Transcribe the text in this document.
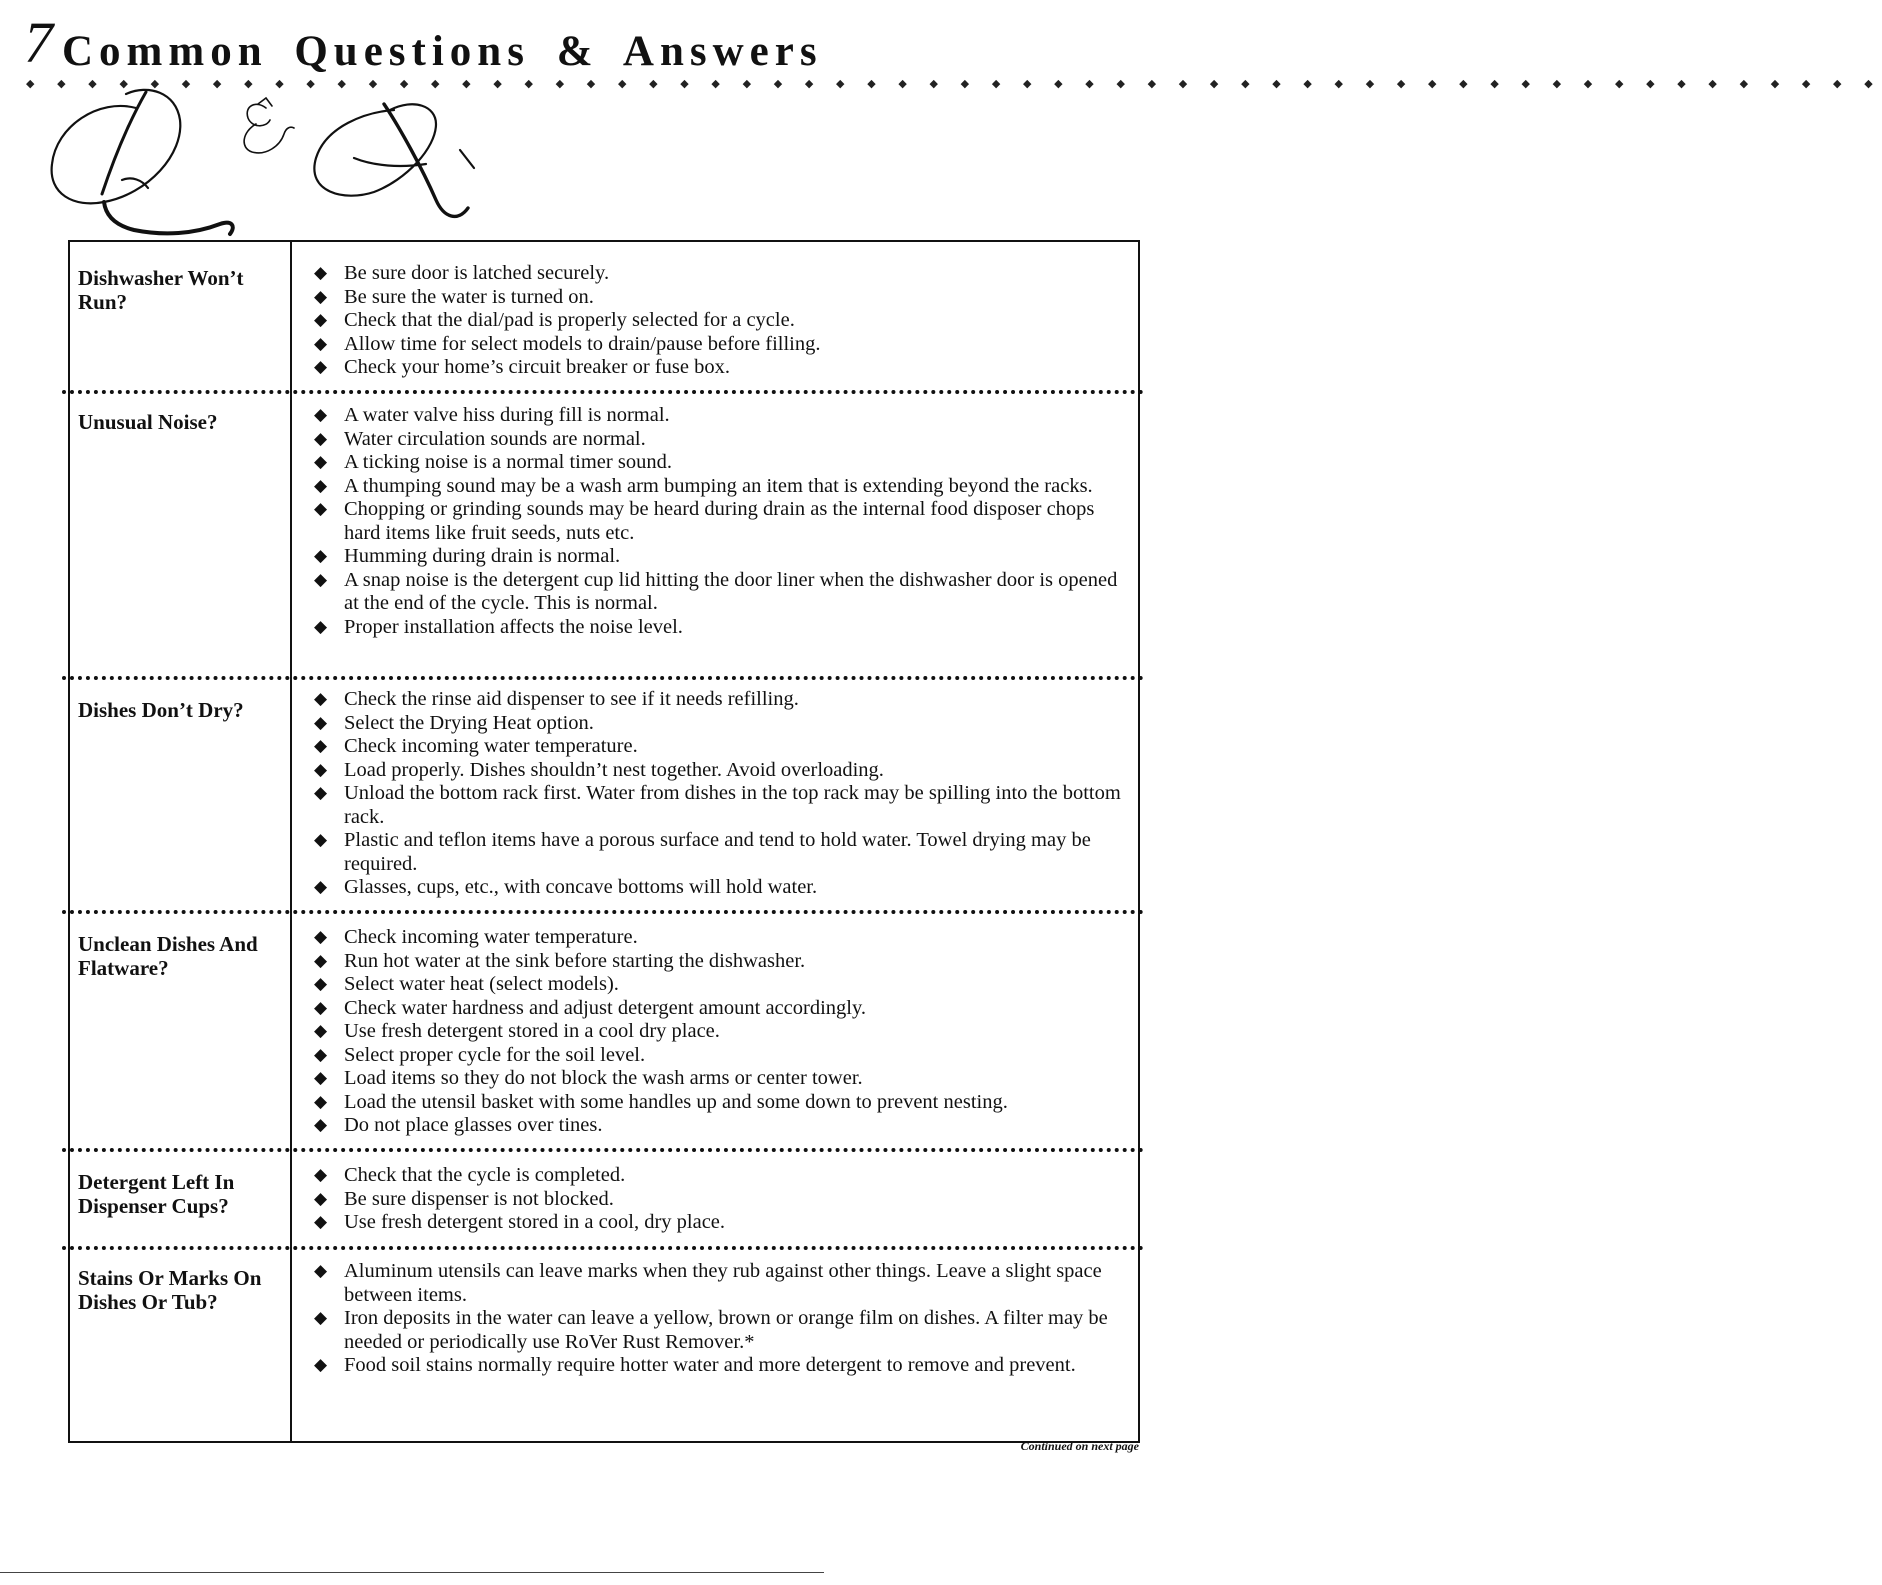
7 Common Questions & Answers
◆ ◆ ◆ ◆ ◆ ◆ ◆ ◆ ◆ ◆ ◆ ◆ ◆ ◆ ◆ ◆ ◆ ◆ ◆ ◆ ◆ ◆ ◆ ◆ ◆ ◆ ◆ ◆ ◆ ◆ ◆ ◆ ◆ ◆ ◆ ◆ ◆ ◆ ◆ ◆ ◆ ◆ ◆ ◆ ◆ ◆ ◆ ◆ ◆ ◆ ◆ ◆ ◆ ◆ ◆ ◆ ◆ ◆ ◆ ◆
Dishwasher Won’t Run?
◆ Be sure door is latched securely.
◆ Be sure the water is turned on.
◆ Check that the dial/pad is properly selected for a cycle.
◆ Allow time for select models to drain/pause before filling.
◆ Check your home’s circuit breaker or fuse box.
Unusual Noise?	◆ A water valve hiss during fill is normal.
◆ Water circulation sounds are normal.
◆ A ticking noise is a normal timer sound.
◆ A thumping sound may be a wash arm bumping an item that is extending beyond the racks.
◆ Chopping or grinding sounds may be heard during drain as the internal food disposer chops hard items like fruit seeds, nuts etc.
◆ Humming during drain is normal.
◆ A snap noise is the detergent cup lid hitting the door liner when the dishwasher door is opened at the end of the cycle. This is normal.
◆ Proper installation affects the noise level.
Dishes Don’t Dry?	◆ Check the rinse aid dispenser to see if it needs refilling.
◆ Select the Drying Heat option.
◆ Check incoming water temperature.
◆ Load properly. Dishes shouldn’t nest together. Avoid overloading.
◆ Unload the bottom rack first. Water from dishes in the top rack may be spilling into the bottom rack.
◆ Plastic and teflon items have a porous surface and tend to hold water. Towel drying may be required.
◆ Glasses, cups, etc., with concave bottoms will hold water.
Unclean Dishes And Flatware?
◆ Check incoming water temperature.
◆ Run hot water at the sink before starting the dishwasher.
◆ Select water heat (select models).
◆ Check water hardness and adjust detergent amount accordingly.
◆ Use fresh detergent stored in a cool dry place.
◆ Select proper cycle for the soil level.
◆ Load items so they do not block the wash arms or center tower.
◆ Load the utensil basket with some handles up and some down to prevent nesting.
◆ Do not place glasses over tines.
Detergent Left In Dispenser Cups?
◆ Check that the cycle is completed.
◆ Be sure dispenser is not blocked.
◆ Use fresh detergent stored in a cool, dry place.
Stains Or Marks On Dishes Or Tub?
◆ Aluminum utensils can leave marks when they rub against other things. Leave a slight space between items.
◆ Iron deposits in the water can leave a yellow, brown or orange film on dishes. A filter may be needed or periodically use RoVer Rust Remover.*
◆ Food soil stains normally require hotter water and more detergent to remove and prevent.
Continued on next page
